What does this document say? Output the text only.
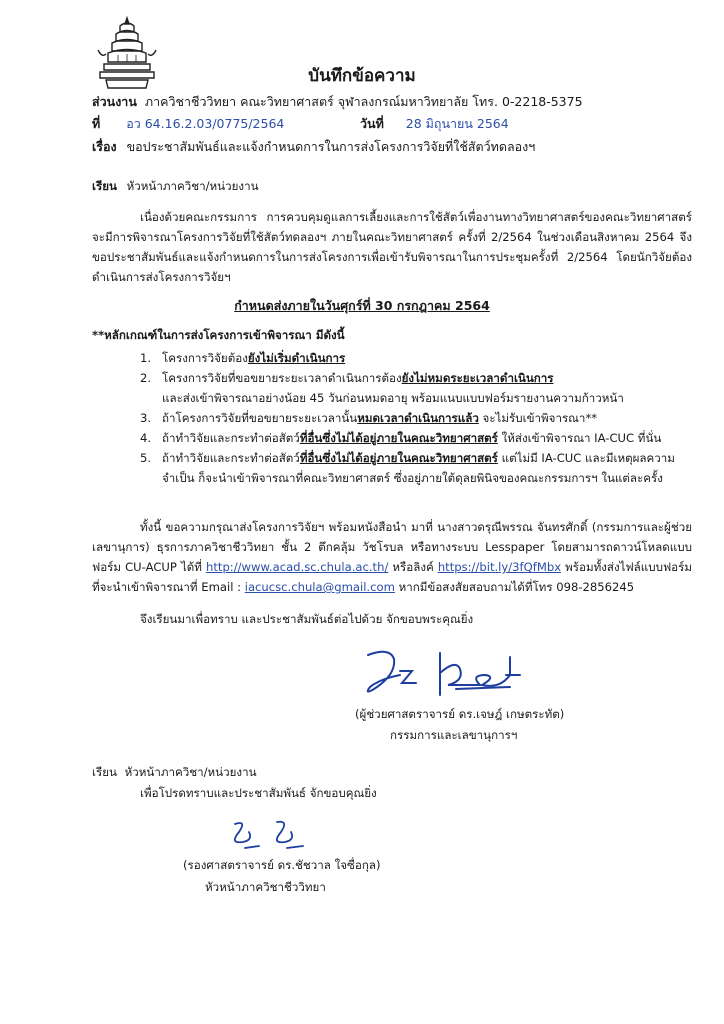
บันทึกข้อความ
ส่วนงาน ภาควิชาชีววิทยา คณะวิทยาศาสตร์ จุฬาลงกรณ์มหาวิทยาลัย โทร. 0-2218-5375
ที่ อว 64.16.2.03/0775/2564	วันที่ 28 มิถุนายน 2564
เรื่อง ขอประชาสัมพันธ์และแจ้งกำหนดการในการส่งโครงการวิจัยที่ใช้สัตว์ทดลองฯ
เรียน หัวหน้าภาควิชา/หน่วยงาน
เนื่องด้วยคณะกรรมการ การควบคุมดูแลการเลี้ยงและการใช้สัตว์เพื่องานทางวิทยาศาสตร์ของคณะวิทยาศาสตร์จะมีการพิจารณาโครงการวิจัยที่ใช้สัตว์ทดลองฯ ภายในคณะวิทยาศาสตร์ ครั้งที่ 2/2564 ในช่วงเดือนสิงหาคม 2564 จึงขอประชาสัมพันธ์และแจ้งกำหนดการในการส่งโครงการเพื่อเข้ารับพิจารณาในการประชุมครั้งที่ 2/2564 โดยนักวิจัยต้องดำเนินการส่งโครงการวิจัยฯ
กำหนดส่งภายในวันศุกร์ที่ 30 กรกฎาคม 2564
**หลักเกณฑ์ในการส่งโครงการเข้าพิจารณา มีดังนี้
1. โครงการวิจัยต้องยังไม่เริ่มดำเนินการ
2. โครงการวิจัยที่ขอขยายระยะเวลาดำเนินการต้องยังไม่หมดระยะเวลาดำเนินการ
และส่งเข้าพิจารณาอย่างน้อย 45 วันก่อนหมดอายุ พร้อมแนบแบบฟอร์มรายงานความก้าวหน้า
3. ถ้าโครงการวิจัยที่ขอขยายระยะเวลานั้นหมดเวลาดำเนินการแล้ว จะไม่รับเข้าพิจารณา**
4. ถ้าทำวิจัยและกระทำต่อสัตว์ที่อื่นซึ่งไม่ได้อยู่ภายในคณะวิทยาศาสตร์ ให้ส่งเข้าพิจารณา IA-CUC ที่นั่น
5. ถ้าทำวิจัยและกระทำต่อสัตว์ที่อื่นซึ่งไม่ได้อยู่ภายในคณะวิทยาศาสตร์ แต่ไม่มี IA-CUC และมีเหตุผลความ
จำเป็น ก็จะนำเข้าพิจารณาที่คณะวิทยาศาสตร์ ซึ่งอยู่ภายใต้ดุลยพินิจของคณะกรรมการฯ ในแต่ละครั้ง
ทั้งนี้ ขอความกรุณาส่งโครงการวิจัยฯ พร้อมหนังสือนำ มาที่ นางสาวดรุณีพรรณ จันทรศักดิ์ (กรรมการและผู้ช่วยเลขานุการ) ธุรการภาควิชาชีววิทยา ชั้น 2 ตึกคลุ้ม วัชโรบล หรือทางระบบ Lesspaper โดยสามารถดาวน์โหลดแบบฟอร์ม CU-ACUP ได้ที่ http://www.acad.sc.chula.ac.th/ หรือลิงค์ https://bit.ly/3fQfMbx พร้อมทั้งส่งไฟล์แบบฟอร์มที่จะนำเข้าพิจารณาที่ Email : iacucsc.chula@gmail.com หากมีข้อสงสัยสอบถามได้ที่โทร 098-2856245
จึงเรียนมาเพื่อทราบ และประชาสัมพันธ์ต่อไปด้วย จักขอบพระคุณยิ่ง
(ผู้ช่วยศาสตราจารย์ ดร.เจษฎ์ เกษตระทัต)
กรรมการและเลขานุการฯ
เรียน หัวหน้าภาควิชา/หน่วยงาน
เพื่อโปรดทราบและประชาสัมพันธ์ จักขอบคุณยิ่ง
(รองศาสตราจารย์ ดร.ชัชวาล ใจซื่อกุล)
หัวหน้าภาควิชาชีววิทยา
